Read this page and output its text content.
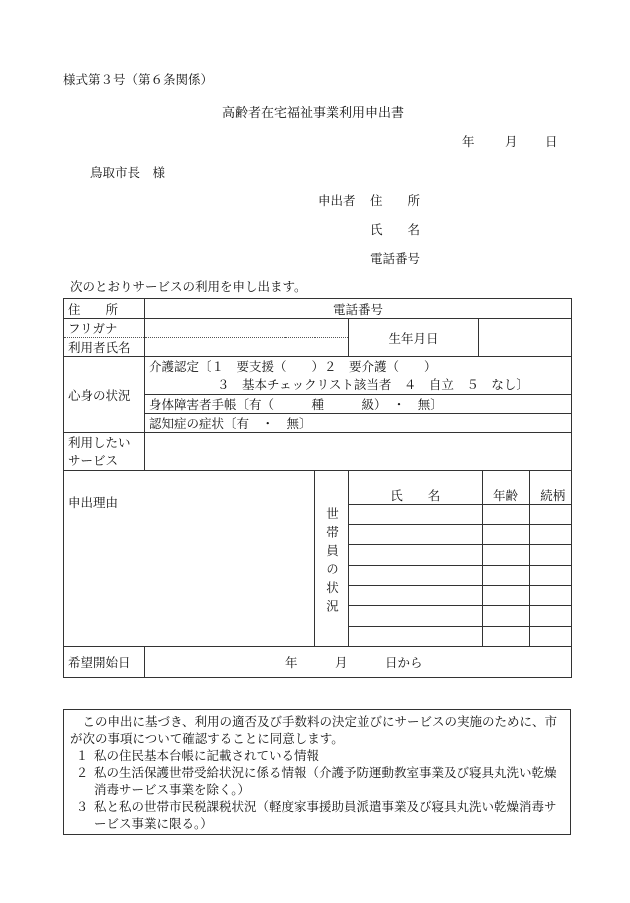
様式第３号（第６条関係）
高齢者在宅福祉事業利用申出書
年 月 日
鳥取市長　様
申出者 住　　所
氏　　名
電話番号
次のとおりサービスの利用を申し出ます。
住　　所	電話番号
フリガナ		生年月日	
利用者氏名	
心身の状況	
介護認定〔１　要支援（　　）２　要介護（　　）
３　基本チェックリスト該当者　４　自立　５　なし〕

身体障害者手帳〔有（　　　種　　　級）　・　無〕
認知症の症状〔有　・　無〕

利用したい
サービス

申出理由	
世帯員の状況

氏　　名	年齢	続柄

希望開始日	年　　　月　　　日から
この申出に基づき、利用の適否及び手数料の決定並びにサービスの実施のために、市が次の事項について確認することに同意します。
１ 私の住民基本台帳に記載されている情報
２ 私の生活保護世帯受給状況に係る情報（介護予防運動教室事業及び寝具丸洗い乾燥消毒サービス事業を除く。）
３ 私と私の世帯市民税課税状況（軽度家事援助員派遣事業及び寝具丸洗い乾燥消毒サービス事業に限る。）
